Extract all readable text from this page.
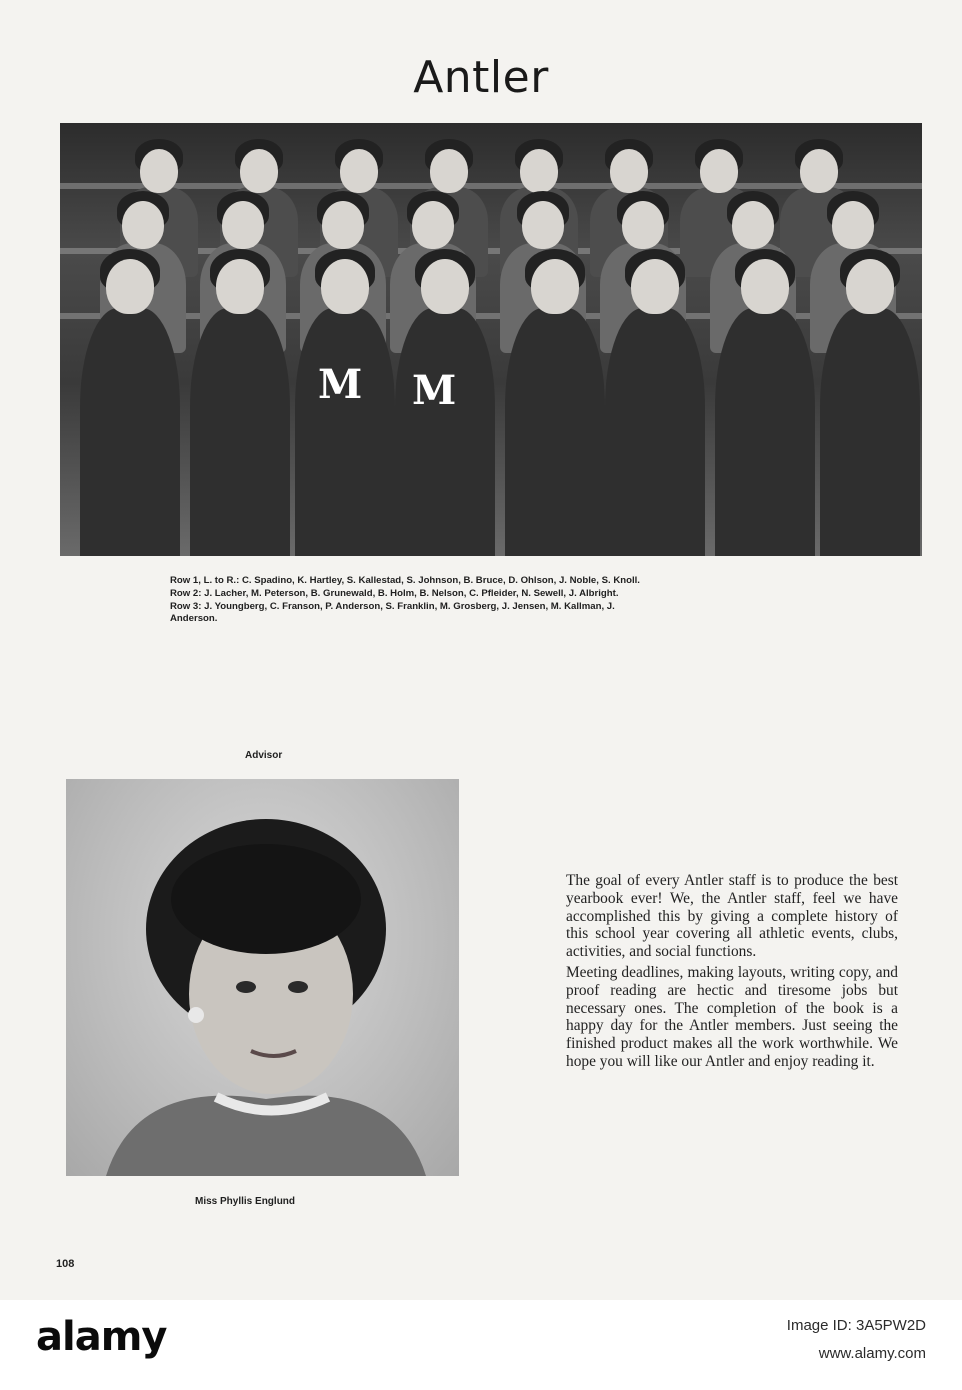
Antler
M M
Row 1, L. to R.: C. Spadino, K. Hartley, S. Kallestad, S. Johnson, B. Bruce, D. Ohlson, J. Noble, S. Knoll.
Row 2: J. Lacher, M. Peterson, B. Grunewald, B. Holm, B. Nelson, C. Pfleider, N. Sewell, J. Albright.
Row 3: J. Youngberg, C. Franson, P. Anderson, S. Franklin, M. Grosberg, J. Jensen, M. Kallman, J.
Anderson.
Advisor
Miss Phyllis Englund

The goal of every Antler staff is to produce the best yearbook ever! We, the Antler staff, feel we have accomplished this by giving a complete history of this school year covering all athletic events, clubs, activities, and social functions.

Meeting deadlines, making layouts, writing copy, and proof reading are hectic and tiresome jobs but necessary ones. The completion of the book is a happy day for the Antler members. Just seeing the finished product makes all the work worthwhile. We hope you will like our Antler and enjoy reading it.

108
alamy	Image ID: 3A5PW2D
www.alamy.com
